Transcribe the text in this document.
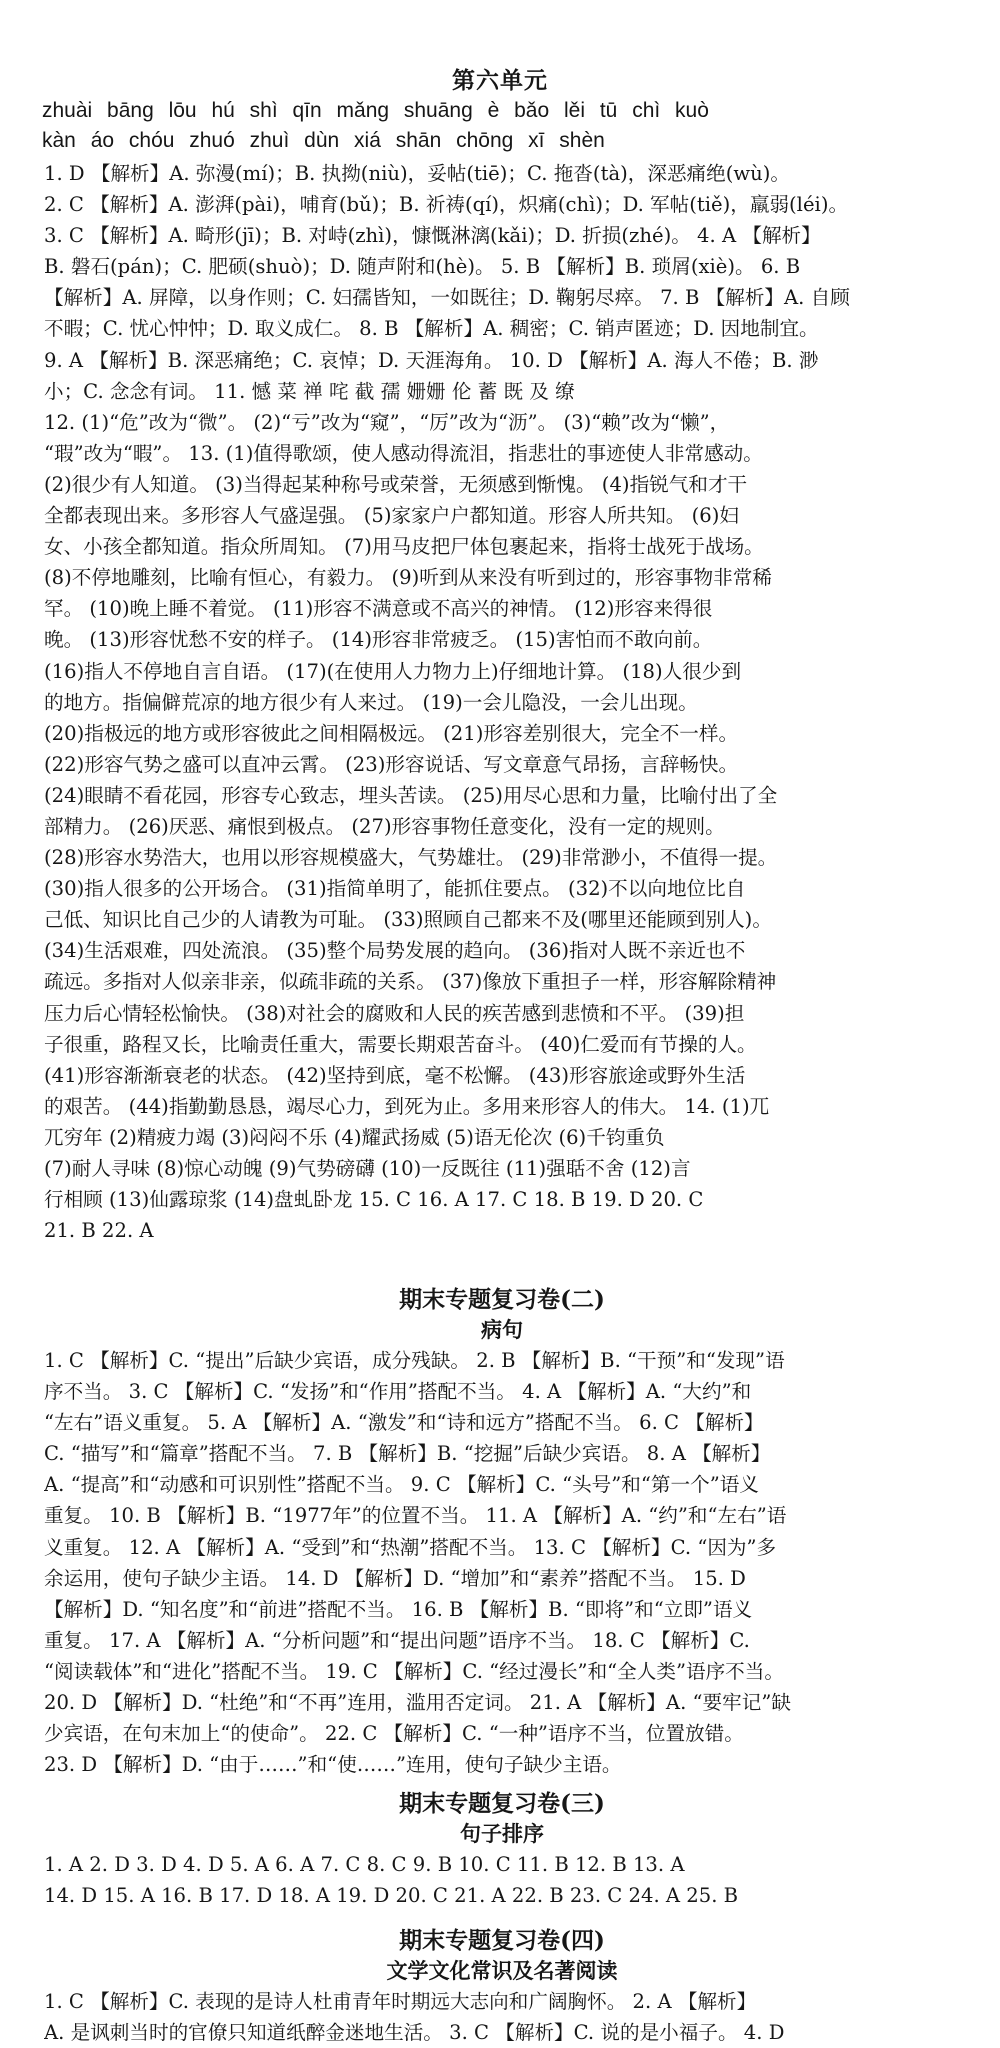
第六单元
zhuài bāng lōu hú shì qīn mǎng shuāng è bǎo lěi tū chì kuò
kàn áo chóu zhuó zhuì dùn xiá shān chōng xī shèn
1. D 【解析】A. 弥漫(mí)；B. 执拗(niù)，妥帖(tiē)；C. 拖沓(tà)，深恶痛绝(wù)。
2. C 【解析】A. 澎湃(pài)，哺育(bǔ)；B. 祈祷(qí)，炽痛(chì)；D. 军帖(tiě)，羸弱(léi)。
3. C 【解析】A. 畸形(jī)；B. 对峙(zhì)，慷慨淋漓(kǎi)；D. 折损(zhé)。 4. A 【解析】
B. 磐石(pán)；C. 肥硕(shuò)；D. 随声附和(hè)。 5. B 【解析】B. 琐屑(xiè)。 6. B
【解析】A. 屏障，以身作则；C. 妇孺皆知，一如既往；D. 鞠躬尽瘁。 7. B 【解析】A. 自顾
不暇；C. 忧心忡忡；D. 取义成仁。 8. B 【解析】A. 稠密；C. 销声匿迹；D. 因地制宜。
9. A 【解析】B. 深恶痛绝；C. 哀悼；D. 天涯海角。 10. D 【解析】A. 海人不倦；B. 渺
小；C. 念念有词。 11. 憾 菜 禅 咤 截 孺 姗姗 伦 蓄 既 及 缭
12. (1)“危”改为“微”。 (2)“亏”改为“窥”，“厉”改为“沥”。 (3)“赖”改为“懒”，
“瑕”改为“暇”。 13. (1)值得歌颂，使人感动得流泪，指悲壮的事迹使人非常感动。
(2)很少有人知道。 (3)当得起某种称号或荣誉，无须感到惭愧。 (4)指锐气和才干
全都表现出来。多形容人气盛逞强。 (5)家家户户都知道。形容人所共知。 (6)妇
女、小孩全都知道。指众所周知。 (7)用马皮把尸体包裹起来，指将士战死于战场。
(8)不停地雕刻，比喻有恒心，有毅力。 (9)听到从来没有听到过的，形容事物非常稀
罕。 (10)晚上睡不着觉。 (11)形容不满意或不高兴的神情。 (12)形容来得很
晚。 (13)形容忧愁不安的样子。 (14)形容非常疲乏。 (15)害怕而不敢向前。
(16)指人不停地自言自语。 (17)(在使用人力物力上)仔细地计算。 (18)人很少到
的地方。指偏僻荒凉的地方很少有人来过。 (19)一会儿隐没，一会儿出现。
(20)指极远的地方或形容彼此之间相隔极远。 (21)形容差别很大，完全不一样。
(22)形容气势之盛可以直冲云霄。 (23)形容说话、写文章意气昂扬，言辞畅快。
(24)眼睛不看花园，形容专心致志，埋头苦读。 (25)用尽心思和力量，比喻付出了全
部精力。 (26)厌恶、痛恨到极点。 (27)形容事物任意变化，没有一定的规则。
(28)形容水势浩大，也用以形容规模盛大，气势雄壮。 (29)非常渺小，不值得一提。
(30)指人很多的公开场合。 (31)指简单明了，能抓住要点。 (32)不以向地位比自
己低、知识比自己少的人请教为可耻。 (33)照顾自己都来不及(哪里还能顾到别人)。
(34)生活艰难，四处流浪。 (35)整个局势发展的趋向。 (36)指对人既不亲近也不
疏远。多指对人似亲非亲，似疏非疏的关系。 (37)像放下重担子一样，形容解除精神
压力后心情轻松愉快。 (38)对社会的腐败和人民的疾苦感到悲愤和不平。 (39)担
子很重，路程又长，比喻责任重大，需要长期艰苦奋斗。 (40)仁爱而有节操的人。
(41)形容渐渐衰老的状态。 (42)坚持到底，毫不松懈。 (43)形容旅途或野外生活
的艰苦。 (44)指勤勤恳恳，竭尽心力，到死为止。多用来形容人的伟大。 14. (1)兀
兀穷年 (2)精疲力竭 (3)闷闷不乐 (4)耀武扬威 (5)语无伦次 (6)千钧重负
(7)耐人寻味 (8)惊心动魄 (9)气势磅礴 (10)一反既往 (11)强聒不舍 (12)言
行相顾 (13)仙露琼浆 (14)盘虬卧龙 15. C 16. A 17. C 18. B 19. D 20. C
21. B 22. A
期末专题复习卷(二)
病句
1. C 【解析】C. “提出”后缺少宾语，成分残缺。 2. B 【解析】B. “干预”和“发现”语
序不当。 3. C 【解析】C. “发扬”和“作用”搭配不当。 4. A 【解析】A. “大约”和
“左右”语义重复。 5. A 【解析】A. “激发”和“诗和远方”搭配不当。 6. C 【解析】
C. “描写”和“篇章”搭配不当。 7. B 【解析】B. “挖掘”后缺少宾语。 8. A 【解析】
A. “提高”和“动感和可识别性”搭配不当。 9. C 【解析】C. “头号”和“第一个”语义
重复。 10. B 【解析】B. “1977年”的位置不当。 11. A 【解析】A. “约”和“左右”语
义重复。 12. A 【解析】A. “受到”和“热潮”搭配不当。 13. C 【解析】C. “因为”多
余运用，使句子缺少主语。 14. D 【解析】D. “增加”和“素养”搭配不当。 15. D
【解析】D. “知名度”和“前进”搭配不当。 16. B 【解析】B. “即将”和“立即”语义
重复。 17. A 【解析】A. “分析问题”和“提出问题”语序不当。 18. C 【解析】C.
“阅读载体”和“进化”搭配不当。 19. C 【解析】C. “经过漫长”和“全人类”语序不当。
20. D 【解析】D. “杜绝”和“不再”连用，滥用否定词。 21. A 【解析】A. “要牢记”缺
少宾语，在句末加上“的使命”。 22. C 【解析】C. “一种”语序不当，位置放错。
23. D 【解析】D. “由于……”和“使……”连用，使句子缺少主语。
期末专题复习卷(三)
句子排序
1. A 2. D 3. D 4. D 5. A 6. A 7. C 8. C 9. B 10. C 11. B 12. B 13. A
14. D 15. A 16. B 17. D 18. A 19. D 20. C 21. A 22. B 23. C 24. A 25. B
期末专题复习卷(四)
文学文化常识及名著阅读
1. C 【解析】C. 表现的是诗人杜甫青年时期远大志向和广阔胸怀。 2. A 【解析】
A. 是讽刺当时的官僚只知道纸醉金迷地生活。 3. C 【解析】C. 说的是小福子。 4. D
